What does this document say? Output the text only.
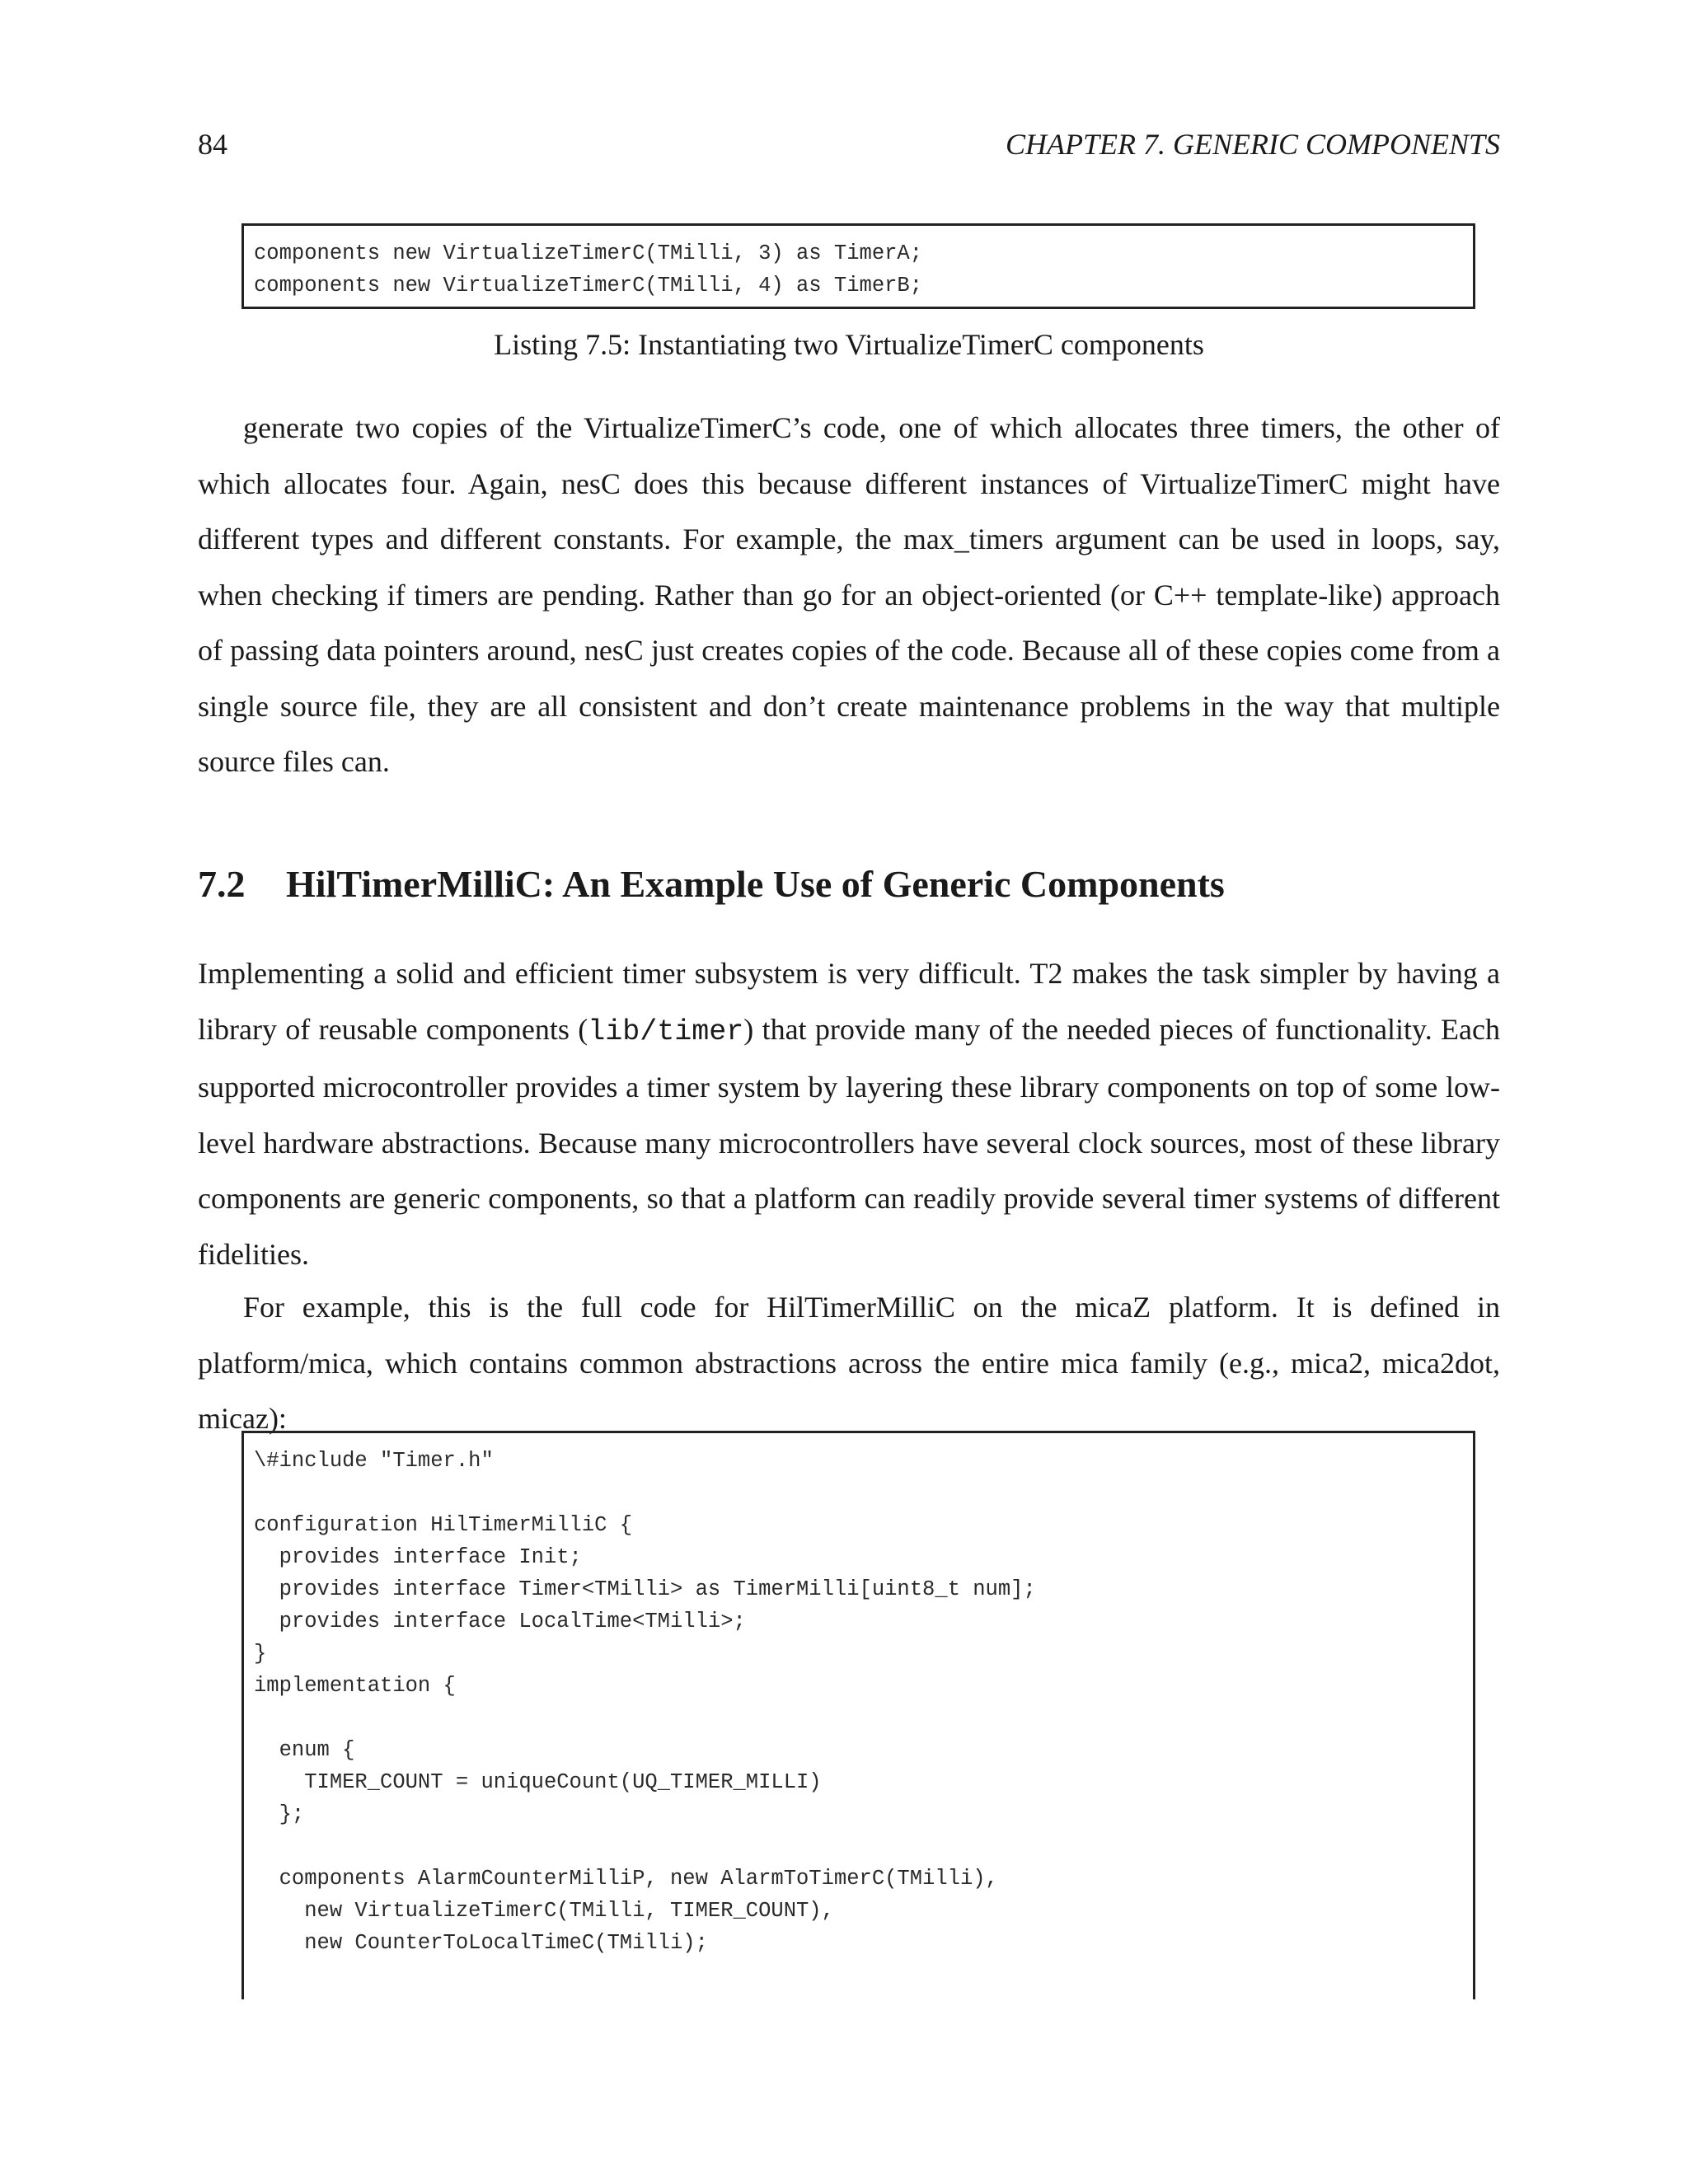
84	CHAPTER 7. GENERIC COMPONENTS
components new VirtualizeTimerC(TMilli, 3) as TimerA;
components new VirtualizeTimerC(TMilli, 4) as TimerB;
Listing 7.5: Instantiating two VirtualizeTimerC components

generate two copies of the VirtualizeTimerC’s code, one of which allocates three timers, the other of which allocates four. Again, nesC does this because different instances of VirtualizeTimerC might have different types and different constants. For example, the max_timers argument can be used in loops, say, when checking if timers are pending. Rather than go for an object-oriented (or C++ template-like) approach of passing data pointers around, nesC just creates copies of the code. Because all of these copies come from a single source file, they are all consistent and don’t create maintenance problems in the way that multiple source files can.

7.2 HilTimerMilliC: An Example Use of Generic Components

Implementing a solid and efficient timer subsystem is very difficult. T2 makes the task simpler by having a library of reusable components (lib/timer) that provide many of the needed pieces of functionality. Each supported microcontroller provides a timer system by layering these library components on top of some low-level hardware abstractions. Because many microcontrollers have several clock sources, most of these library components are generic components, so that a platform can readily provide several timer systems of different fidelities.

For example, this is the full code for HilTimerMilliC on the micaZ platform. It is defined in platform/mica, which contains common abstractions across the entire mica family (e.g., mica2, mica2dot, micaz):

\#include "Timer.h"
configuration HilTimerMilliC {
provides interface Init;
provides interface Timer<TMilli> as TimerMilli[uint8_t num];
provides interface LocalTime<TMilli>;
}
implementation {
enum {
TIMER_COUNT = uniqueCount(UQ_TIMER_MILLI)
};
components AlarmCounterMilliP, new AlarmToTimerC(TMilli),
new VirtualizeTimerC(TMilli, TIMER_COUNT),
new CounterToLocalTimeC(TMilli);
